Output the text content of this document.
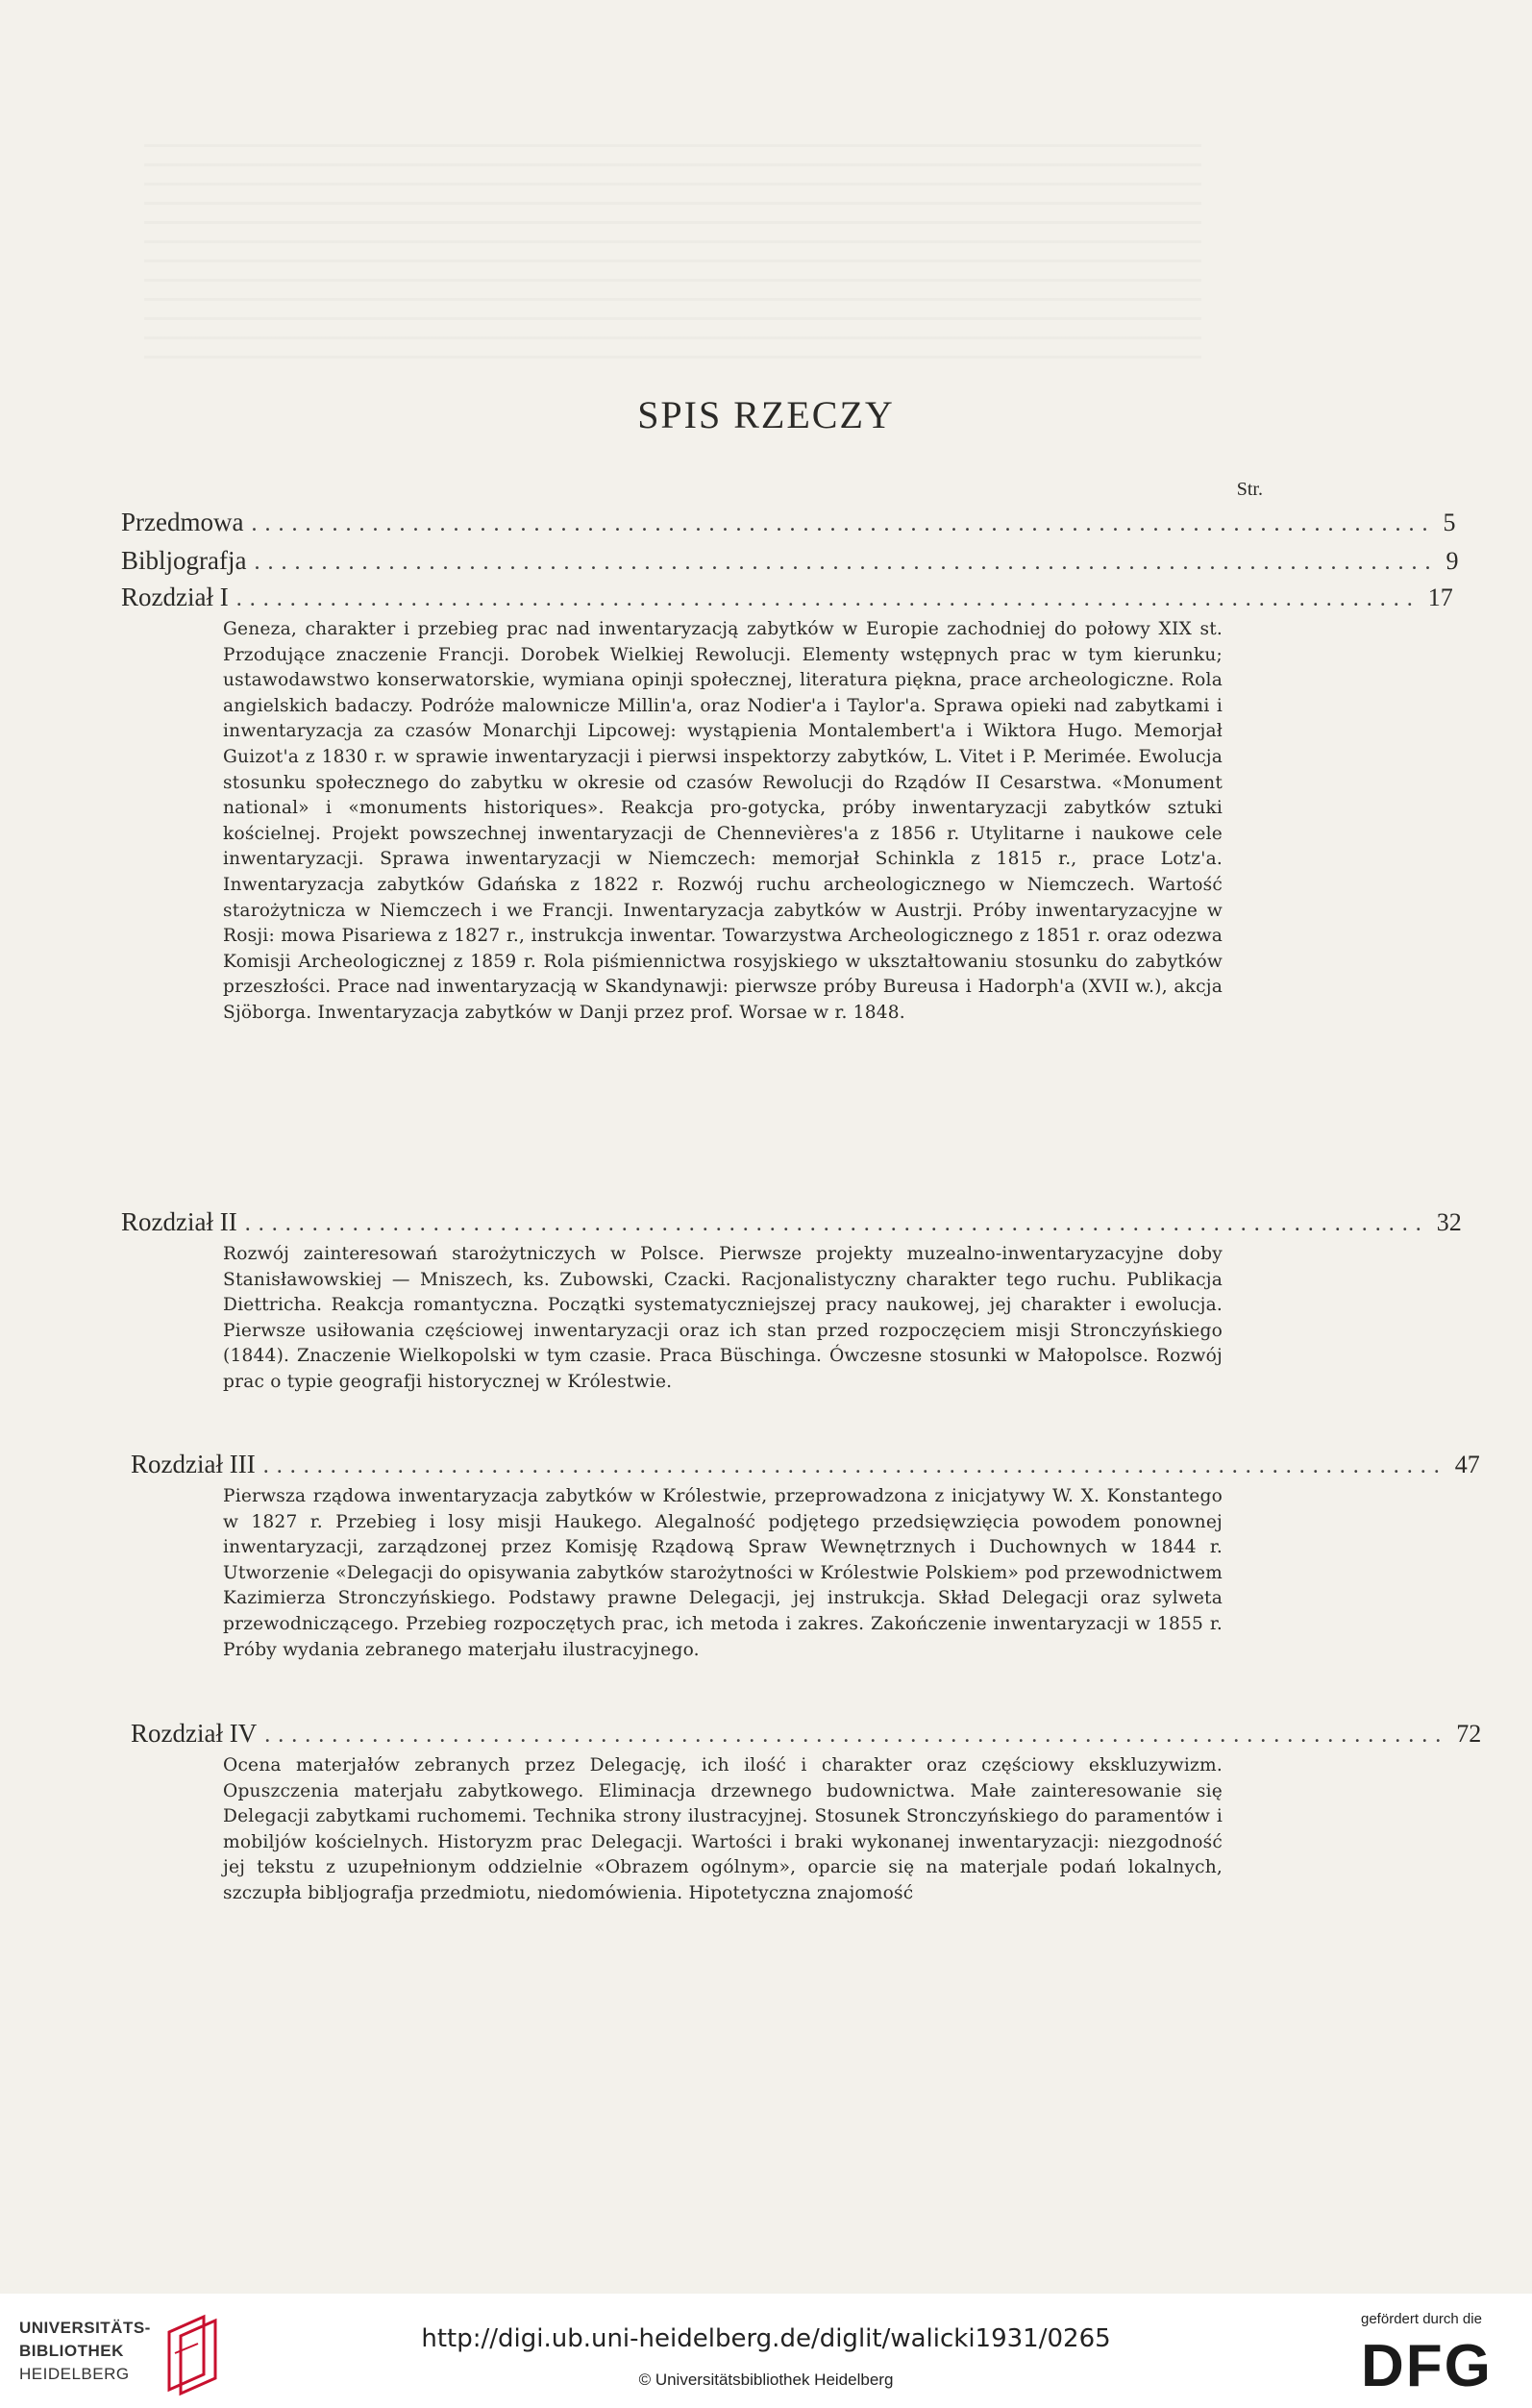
SPIS RZECZY
Str.
Przedmowa ........................................................................................ 5
Bibljografja ........................................................................................ 9
Rozdział I ........................................................................................ 17
Geneza, charakter i przebieg prac nad inwentaryzacją zabytków w Europie zachodniej do połowy XIX st. Przodujące znaczenie Francji. Dorobek Wielkiej Rewolucji. Elementy wstępnych prac w tym kierunku; ustawodawstwo konserwatorskie, wymiana opinji społecznej, literatura piękna, prace archeologiczne. Rola angielskich badaczy. Podróże malownicze Millin'a, oraz Nodier'a i Taylor'a. Sprawa opieki nad zabytkami i inwentaryzacja za czasów Monarchji Lipcowej: wystąpienia Montalembert'a i Wiktora Hugo. Memorjał Guizot'a z 1830 r. w sprawie inwentaryzacji i pierwsi inspektorzy zabytków, L. Vitet i P. Merimée. Ewolucja stosunku społecznego do zabytku w okresie od czasów Rewolucji do Rządów II Cesarstwa. «Monument national» i «monuments historiques». Reakcja pro-gotycka, próby inwentaryzacji zabytków sztuki kościelnej. Projekt powszechnej inwentaryzacji de Chennevières'a z 1856 r. Utylitarne i naukowe cele inwentaryzacji. Sprawa inwentaryzacji w Niemczech: memorjał Schinkla z 1815 r., prace Lotz'a. Inwentaryzacja zabytków Gdańska z 1822 r. Rozwój ruchu archeologicznego w Niemczech. Wartość starożytnicza w Niemczech i we Francji. Inwentaryzacja zabytków w Austrji. Próby inwentaryzacyjne w Rosji: mowa Pisariewa z 1827 r., instrukcja inwentar. Towarzystwa Archeologicznego z 1851 r. oraz odezwa Komisji Archeologicznej z 1859 r. Rola piśmiennictwa rosyjskiego w ukształtowaniu stosunku do zabytków przeszłości. Prace nad inwentaryzacją w Skandynawji: pierwsze próby Bureusa i Hadorph'a (XVII w.), akcja Sjöborga. Inwentaryzacja zabytków w Danji przez prof. Worsae w r. 1848.
Rozdział II ........................................................................................ 32
Rozwój zainteresowań starożytniczych w Polsce. Pierwsze projekty muzealno-inwentaryzacyjne doby Stanisławowskiej — Mniszech, ks. Zubowski, Czacki. Racjonalistyczny charakter tego ruchu. Publikacja Diettricha. Reakcja romantyczna. Początki systematyczniejszej pracy naukowej, jej charakter i ewolucja. Pierwsze usiłowania częściowej inwentaryzacji oraz ich stan przed rozpoczęciem misji Stronczyńskiego (1844). Znaczenie Wielkopolski w tym czasie. Praca Büschinga. Ówczesne stosunki w Małopolsce. Rozwój prac o typie geografji historycznej w Królestwie.
Rozdział III ........................................................................................ 47
Pierwsza rządowa inwentaryzacja zabytków w Królestwie, przeprowadzona z inicjatywy W. X. Konstantego w 1827 r. Przebieg i losy misji Haukego. Alegalność podjętego przedsięwzięcia powodem ponownej inwentaryzacji, zarządzonej przez Komisję Rządową Spraw Wewnętrznych i Duchownych w 1844 r. Utworzenie «Delegacji do opisywania zabytków starożytności w Królestwie Polskiem» pod przewodnictwem Kazimierza Stronczyńskiego. Podstawy prawne Delegacji, jej instrukcja. Skład Delegacji oraz sylweta przewodniczącego. Przebieg rozpoczętych prac, ich metoda i zakres. Zakończenie inwentaryzacji w 1855 r. Próby wydania zebranego materjału ilustracyjnego.
Rozdział IV ........................................................................................ 72
Ocena materjałów zebranych przez Delegację, ich ilość i charakter oraz częściowy ekskluzywizm. Opuszczenia materjału zabytkowego. Eliminacja drzewnego budownictwa. Małe zainteresowanie się Delegacji zabytkami ruchomemi. Technika strony ilustracyjnej. Stosunek Stronczyńskiego do paramentów i mobiljów kościelnych. Historyzm prac Delegacji. Wartości i braki wykonanej inwentaryzacji: niezgodność jej tekstu z uzupełnionym oddzielnie «Obrazem ogólnym», oparcie się na materjale podań lokalnych, szczupła bibljografja przedmiotu, niedomówienia. Hipotetyczna znajomość
UNIVERSITÄTS-
BIBLIOTHEK
HEIDELBERG
http://digi.ub.uni-heidelberg.de/diglit/walicki1931/0265
© Universitätsbibliothek Heidelberg
gefördert durch die
DFG
